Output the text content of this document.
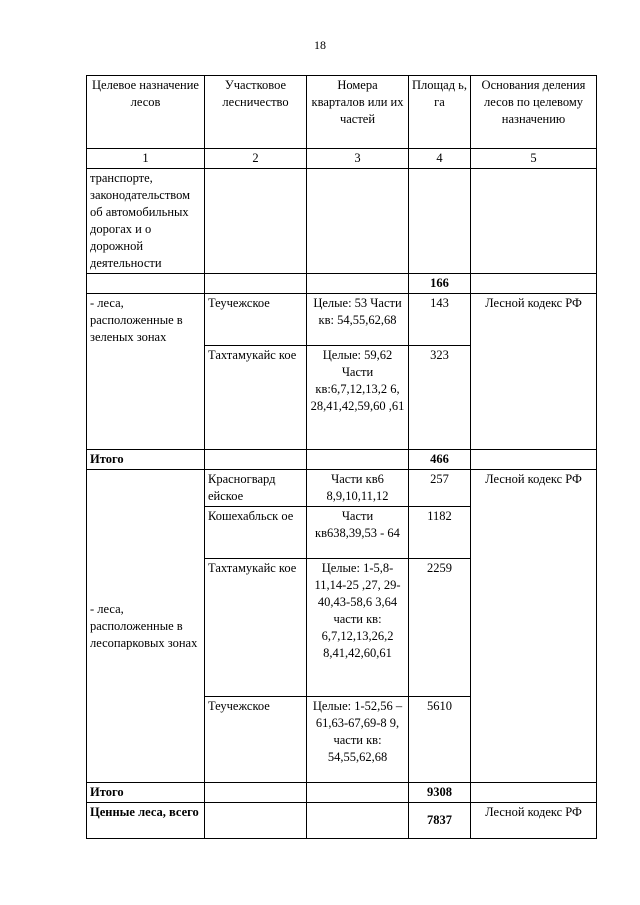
18
Целевое назначение лесов	Участковое лесничество	Номера кварталов или их частей	Площад ь, га	Основания деления лесов по целевому назначению
1	2	3	4	5
транспорте, законодательством об автомобильных дорогах и о дорожной деятельности				
			166	
- леса, расположенные в зеленых зонах	Теучежское	Целые: 53 Части кв: 54,55,62,68	143	Лесной кодекс РФ
	Тахтамукайс кое	Целые: 59,62 Части кв:6,7,12,13,2 6, 28,41,42,59,60 ,61	323	
Итого			466	
- леса, расположенные в лесопарковых зонах	Красногвард ейское	Части кв6 8,9,10,11,12	257	Лесной кодекс РФ
	Кошехабльск ое	Части кв638,39,53 - 64	1182	
	Тахтамукайс кое	Целые: 1-5,8-11,14-25 ,27, 29-40,43-58,6 3,64 части кв: 6,7,12,13,26,2 8,41,42,60,61	2259	
	Теучежское	Целые: 1-52,56 – 61,63-67,69-8 9, части кв: 54,55,62,68	5610	
Итого			9308	
Ценные леса, всего			7837	Лесной кодекс РФ
